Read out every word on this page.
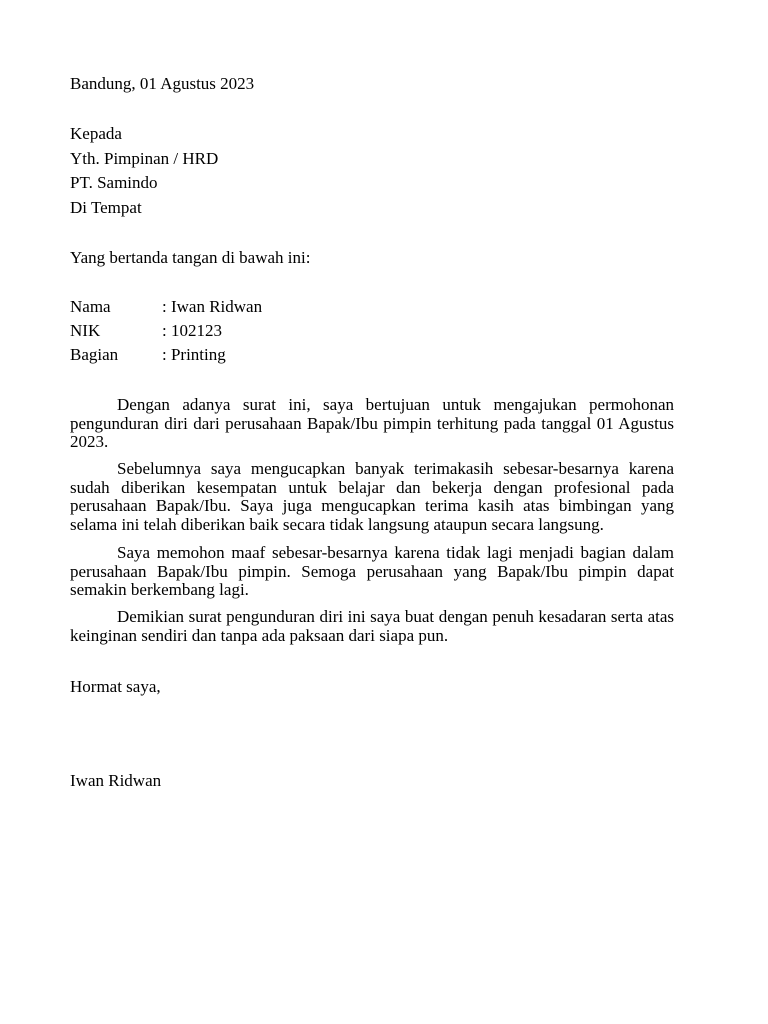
Bandung, 01 Agustus 2023
Kepada
Yth. Pimpinan / HRD
PT. Samindo
Di Tempat
Yang bertanda tangan di bawah ini:
Nama	: Iwan Ridwan
NIK	: 102123
Bagian	: Printing

Dengan adanya surat ini, saya bertujuan untuk mengajukan permohonan pengunduran diri dari perusahaan Bapak/Ibu pimpin terhitung pada tanggal 01 Agustus 2023.

Sebelumnya saya mengucapkan banyak terimakasih sebesar-besarnya karena sudah diberikan kesempatan untuk belajar dan bekerja dengan profesional pada perusahaan Bapak/Ibu. Saya juga mengucapkan terima kasih atas bimbingan yang selama ini telah diberikan baik secara tidak langsung ataupun secara langsung.

Saya memohon maaf sebesar-besarnya karena tidak lagi menjadi bagian dalam perusahaan Bapak/Ibu pimpin. Semoga perusahaan yang Bapak/Ibu pimpin dapat semakin berkembang lagi.

Demikian surat pengunduran diri ini saya buat dengan penuh kesadaran serta atas keinginan sendiri dan tanpa ada paksaan dari siapa pun.

Hormat saya,
Iwan Ridwan
